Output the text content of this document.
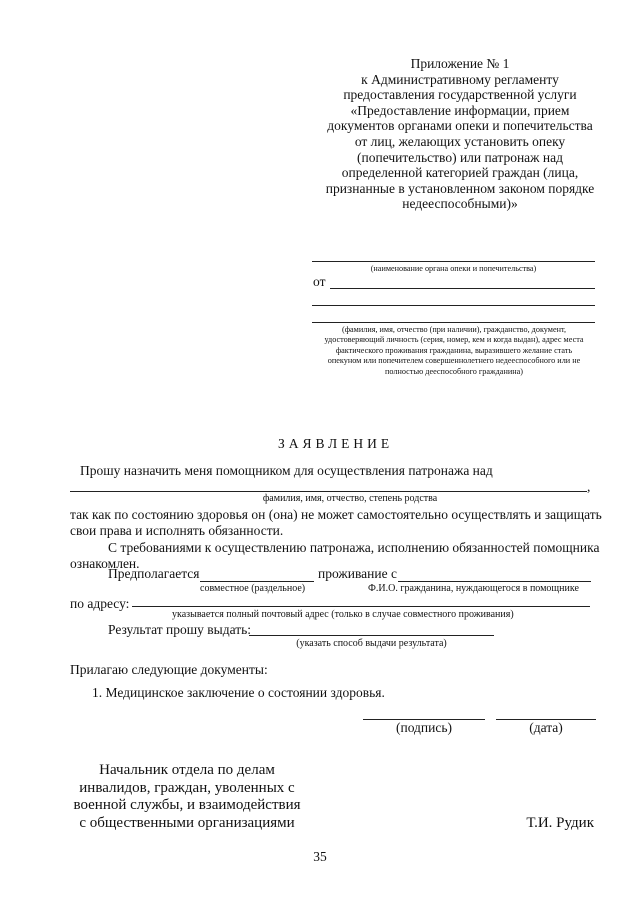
Приложение № 1
к Административному регламенту
предоставления государственной услуги
«Предоставление информации, прием
документов органами опеки и попечительства
от лиц, желающих установить опеку
(попечительство) или патронаж над
определенной категорией граждан (лица,
признанные в установленном законом порядке
недееспособными)»
(наименование органа опеки и попечительства)
от
(фамилия, имя, отчество (при наличии), гражданство, документ,
удостоверяющий личность (серия, номер, кем и когда выдан), адрес места
фактического проживания гражданина, выразившего желание стать
опекуном или попечителем совершеннолетнего недееспособного или не
полностью дееспособного гражданина)
ЗАЯВЛЕНИЕ
Прошу назначить меня помощником для осуществления патронажа над
,
фамилия, имя, отчество, степень родства
так как по состоянию здоровья он (она) не может самостоятельно осуществлять и защищать
свои права и исполнять обязанности.
С требованиями к осуществлению патронажа, исполнению обязанностей помощника
ознакомлен.
Предполагается	проживание с
совместное (раздельное)	Ф.И.О. гражданина, нуждающегося в помощнике
по адресу:
указывается полный почтовый адрес (только в случае совместного проживания)
Результат прошу выдать:
(указать способ выдачи результата)
Прилагаю следующие документы:
1. Медицинское заключение о состоянии здоровья.
(подпись)	(дата)
Начальник отдела по делам
инвалидов, граждан, уволенных с
военной службы, и взаимодействия
с общественными организациями	Т.И. Рудик
35
